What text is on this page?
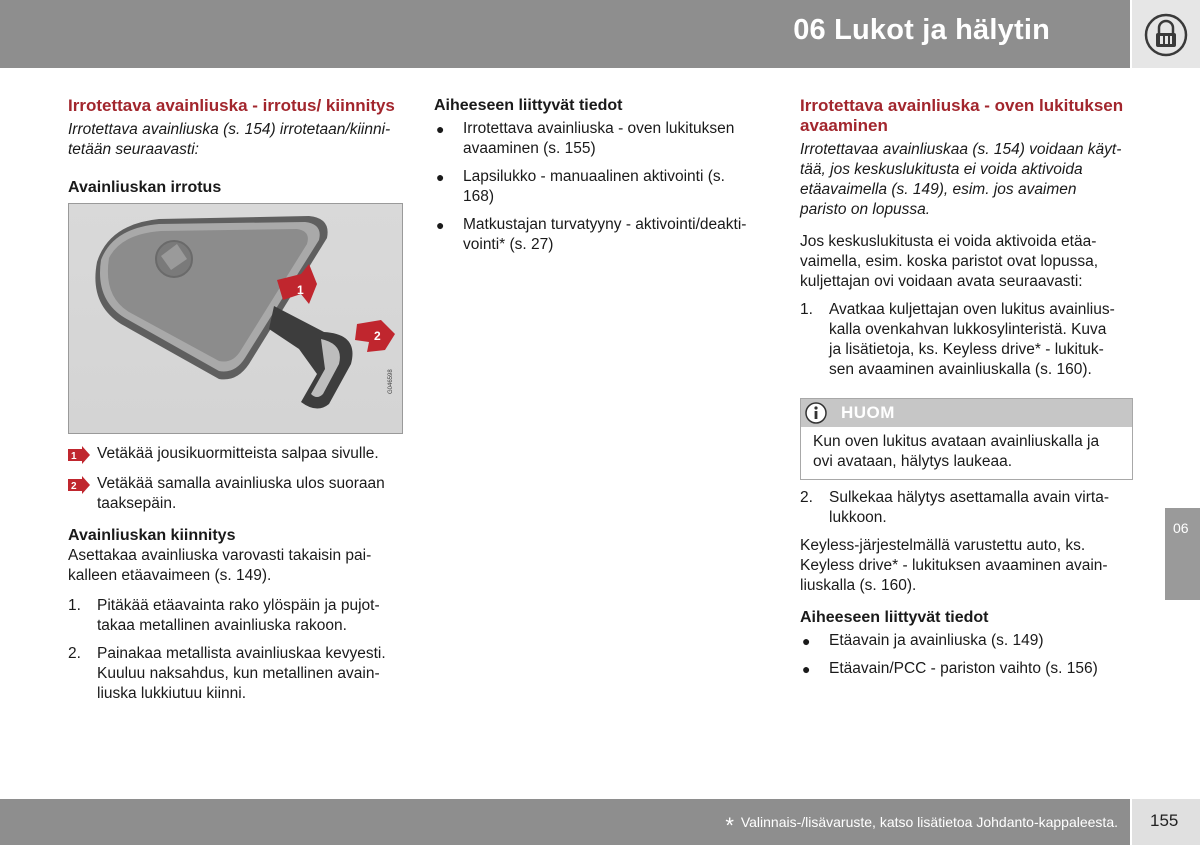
06 Lukot ja hälytin
Irrotettava avainliuska - irrotus/ kiinnitys

Irrotettava avainliuska (s. 154) irrotetaan/kiinni-
tetään seuraavasti:

Avainliuskan irrotus
1
2
G046598
1 Vetäkää jousikuormitteista salpaa sivulle.
2 Vetäkää samalla avainliuska ulos suoraan
taaksepäin.
Avainliuskan kiinnitys

Asettakaa avainliuska varovasti takaisin pai-
kalleen etäavaimeen (s. 149).

1. Pitäkää etäavainta rako ylöspäin ja pujot-
takaa metallinen avainliuska rakoon.
2. Painakaa metallista avainliuskaa kevyesti.
Kuuluu naksahdus, kun metallinen avain-
liuska lukkiutuu kiinni.
Aiheeseen liittyvät tiedot
● Irrotettava avainliuska - oven lukituksen
avaaminen (s. 155)
● Lapsilukko - manuaalinen aktivointi (s.
168)
● Matkustajan turvatyyny - aktivointi/deakti-
vointi* (s. 27)
Irrotettava avainliuska - oven lukituksen avaaminen

Irrotettavaa avainliuskaa (s. 154) voidaan käyt-
tää, jos keskuslukitusta ei voida aktivoida
etäavaimella (s. 149), esim. jos avaimen
paristo on lopussa.

Jos keskuslukitusta ei voida aktivoida etäa-
vaimella, esim. koska paristot ovat lopussa,
kuljettajan ovi voidaan avata seuraavasti:

1. Avatkaa kuljettajan oven lukitus avainlius-
kalla ovenkahvan lukkosylinteristä. Kuva
ja lisätietoja, ks. Keyless drive* - lukituk-
sen avaaminen avainliuskalla (s. 160).
HUOM
Kun oven lukitus avataan avainliuskalla ja
ovi avataan, hälytys laukeaa.
2. Sulkekaa hälytys asettamalla avain virta-
lukkoon.

Keyless-järjestelmällä varustettu auto, ks.
Keyless drive* - lukituksen avaaminen avain-
liuskalla (s. 160).

Aiheeseen liittyvät tiedot
● Etäavain ja avainliuska (s. 149)
● Etäavain/PCC - pariston vaihto (s. 156)
06
* Valinnais-/lisävaruste, katso lisätietoa Johdanto-kappaleesta. 155
